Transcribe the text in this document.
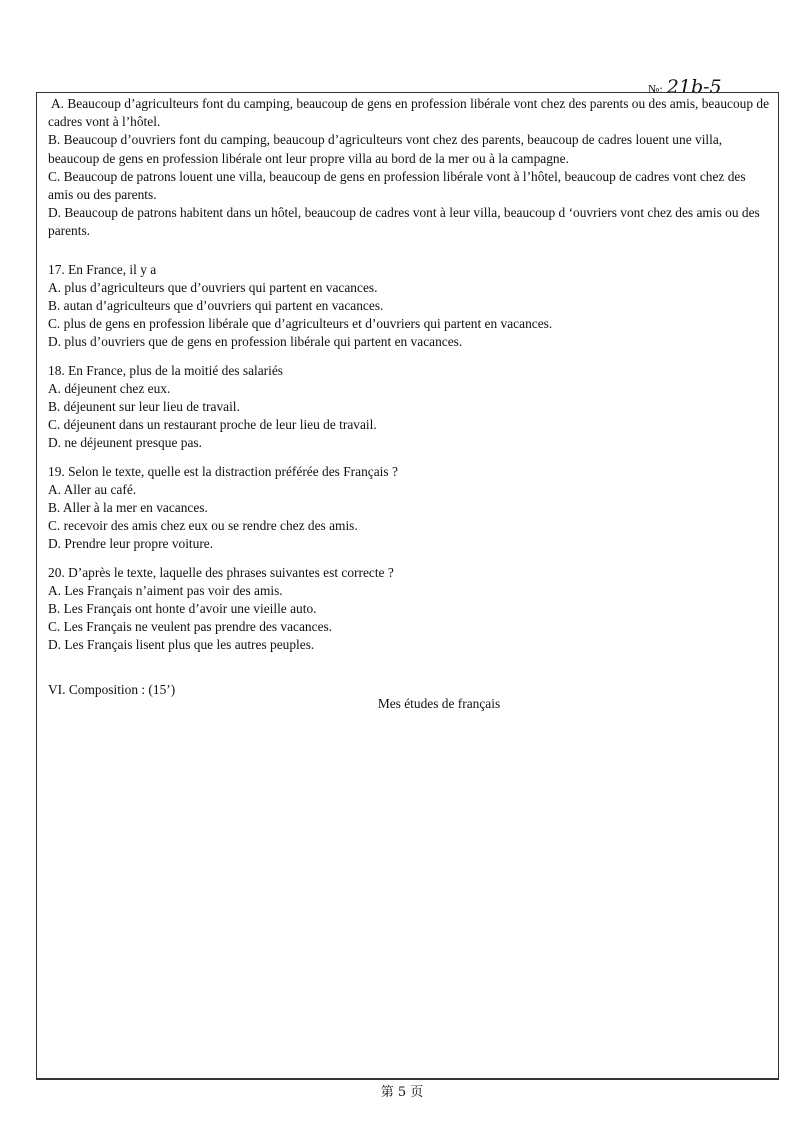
№: 21b-5

A. Beaucoup d’agriculteurs font du camping, beaucoup de gens en profession libérale vont chez des parents ou des amis, beaucoup de cadres vont à l’hôtel.

B. Beaucoup d’ouvriers font du camping, beaucoup d’agriculteurs vont chez des parents, beaucoup de cadres louent une villa, beaucoup de gens en profession libérale ont leur propre villa au bord de la mer ou à la campagne.

C. Beaucoup de patrons louent une villa, beaucoup de gens en profession libérale vont à l’hôtel, beaucoup de cadres vont chez des amis ou des parents.

D. Beaucoup de patrons habitent dans un hôtel, beaucoup de cadres vont à leur villa, beaucoup d ‘ouvriers vont chez des amis ou des parents.

17. En France, il y a

A. plus d’agriculteurs que d’ouvriers qui partent en vacances.

B. autan d’agriculteurs que d’ouvriers qui partent en vacances.

C. plus de gens en profession libérale que d’agriculteurs et d’ouvriers qui partent en vacances.

D. plus d’ouvriers que de gens en profession libérale qui partent en vacances.

18. En France, plus de la moitié des salariés

A. déjeunent chez eux.

B. déjeunent sur leur lieu de travail.

C. déjeunent dans un restaurant proche de leur lieu de travail.

D. ne déjeunent presque pas.

19. Selon le texte, quelle est la distraction préférée des Français ?

A. Aller au café.

B. Aller à la mer en vacances.

C. recevoir des amis chez eux ou se rendre chez des amis.

D. Prendre leur propre voiture.

20. D’après le texte, laquelle des phrases suivantes est correcte ?

A. Les Français n’aiment pas voir des amis.

B. Les Français ont honte d’avoir une vieille auto.

C. Les Français ne veulent pas prendre des vacances.

D. Les Français lisent plus que les autres peuples.

VI. Composition : (15’)

Mes études de français

第 5 页
